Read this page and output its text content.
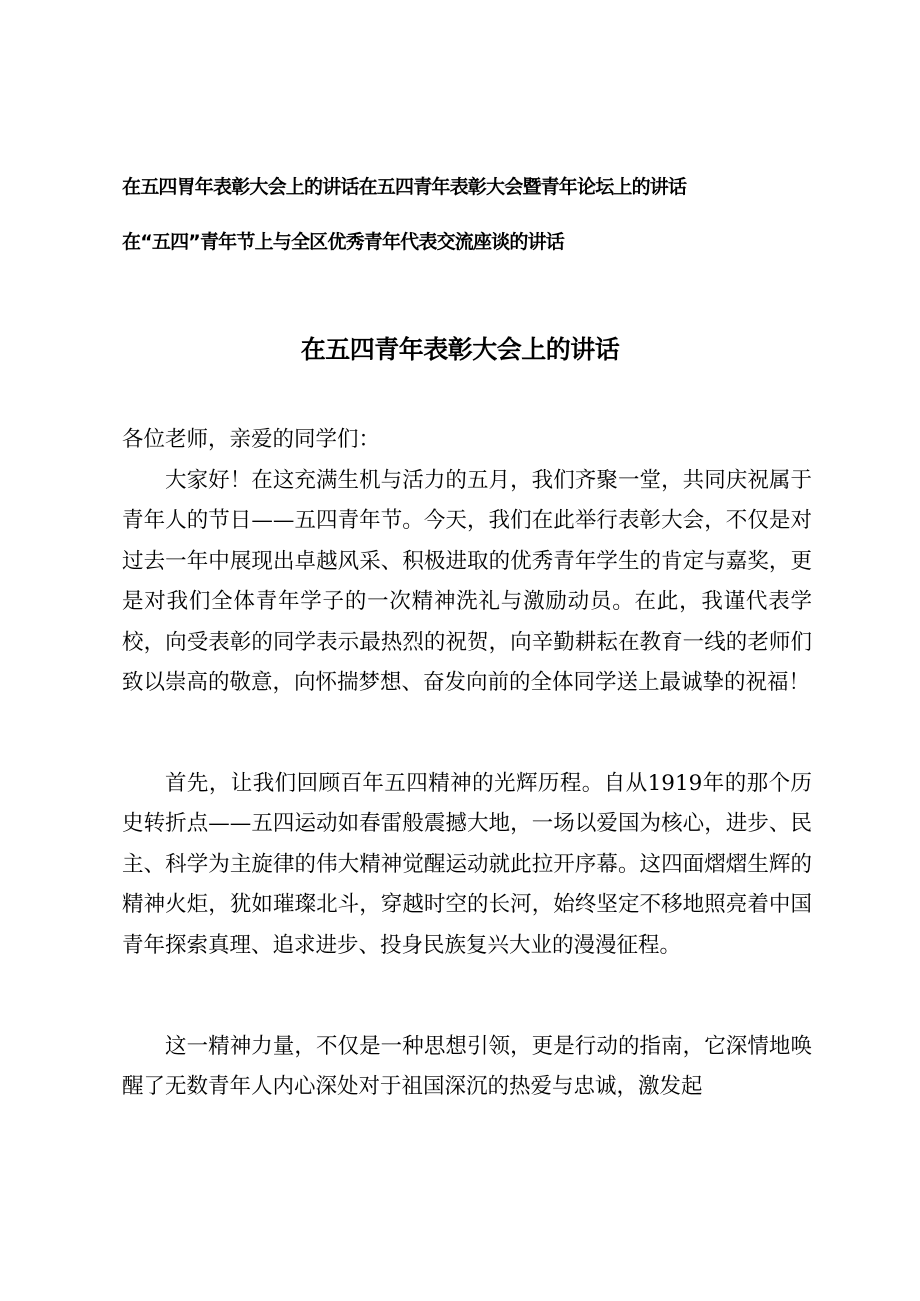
在五四胃年表彰大会上的讲话在五四青年表彰大会暨青年论坛上的讲话
在“五四”青年节上与全区优秀青年代表交流座谈的讲话
在五四青年表彰大会上的讲话
各位老师，亲爱的同学们：

大家好！在这充满生机与活力的五月，我们齐聚一堂，共同庆祝属于青年人的节日——五四青年节。今天，我们在此举行表彰大会，不仅是对过去一年中展现出卓越风采、积极进取的优秀青年学生的肯定与嘉奖，更是对我们全体青年学子的一次精神洗礼与激励动员。在此，我谨代表学校，向受表彰的同学表示最热烈的祝贺，向辛勤耕耘在教育一线的老师们致以崇高的敬意，向怀揣梦想、奋发向前的全体同学送上最诚挚的祝福！

首先，让我们回顾百年五四精神的光辉历程。自从1919年的那个历史转折点——五四运动如春雷般震撼大地，一场以爱国为核心，进步、民主、科学为主旋律的伟大精神觉醒运动就此拉开序幕。这四面熠熠生辉的精神火炬，犹如璀璨北斗，穿越时空的长河，始终坚定不移地照亮着中国青年探索真理、追求进步、投身民族复兴大业的漫漫征程。

这一精神力量，不仅是一种思想引领，更是行动的指南，它深情地唤醒了无数青年人内心深处对于祖国深沉的热爱与忠诚，激发起
